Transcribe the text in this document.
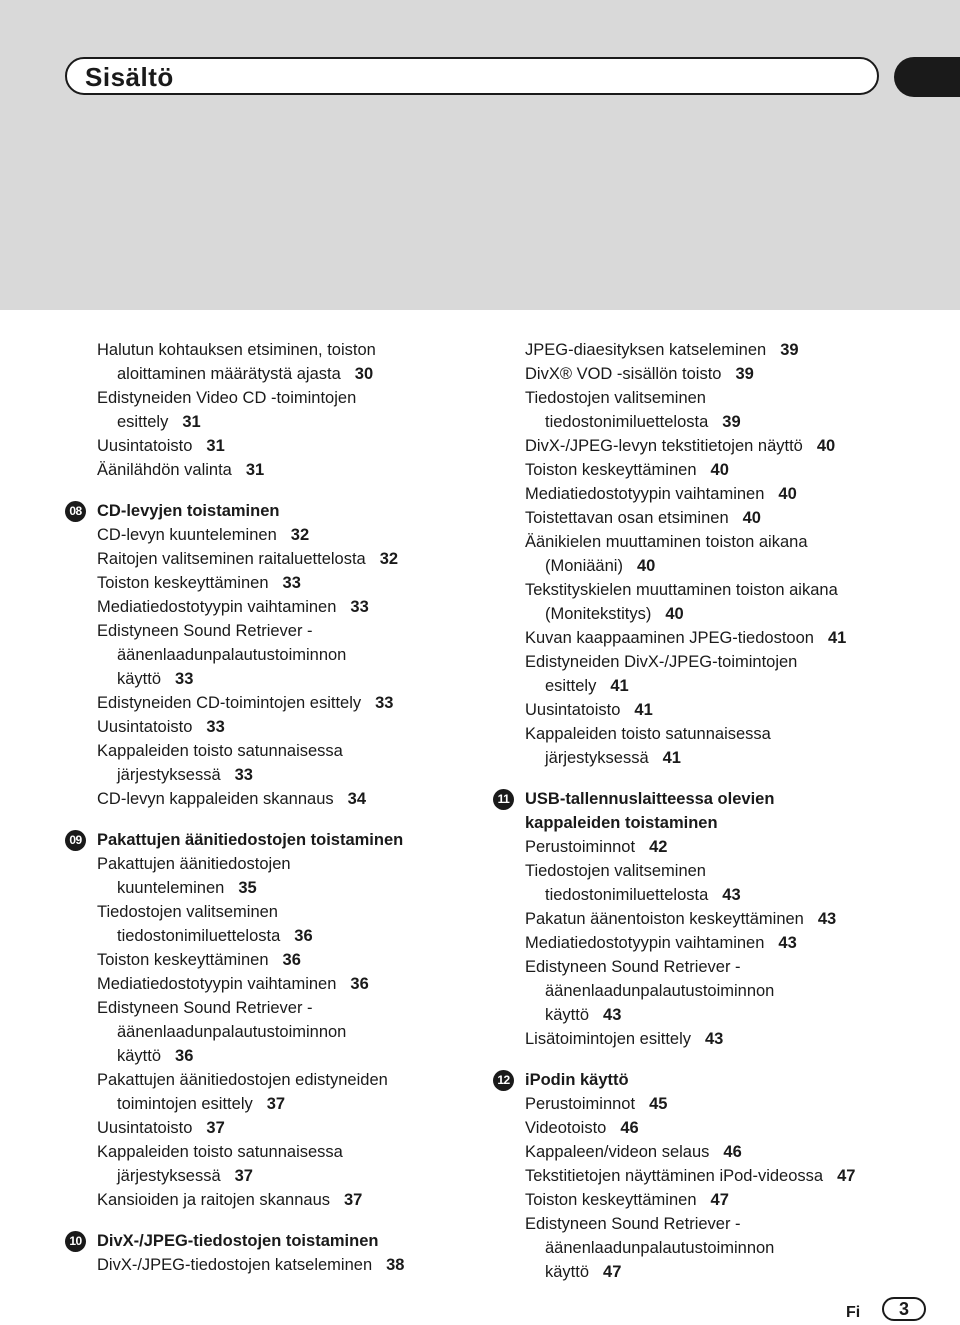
Sisältö
Halutun kohtauksen etsiminen, toiston
aloittaminen määrätystä ajasta 30
Edistyneiden Video CD -toimintojen
esittely 31
Uusintatoisto 31
Äänilähdön valinta 31
08 CD-levyjen toistaminen
CD-levyn kuunteleminen 32
Raitojen valitseminen raitaluettelosta 32
Toiston keskeyttäminen 33
Mediatiedostotyypin vaihtaminen 33
Edistyneen Sound Retriever -
äänenlaadunpalautustoiminnon
käyttö 33
Edistyneiden CD-toimintojen esittely 33
Uusintatoisto 33
Kappaleiden toisto satunnaisessa
järjestyksessä 33
CD-levyn kappaleiden skannaus 34
09 Pakattujen äänitiedostojen toistaminen
Pakattujen äänitiedostojen
kuunteleminen 35
Tiedostojen valitseminen
tiedostonimiluettelosta 36
Toiston keskeyttäminen 36
Mediatiedostotyypin vaihtaminen 36
Edistyneen Sound Retriever -
äänenlaadunpalautustoiminnon
käyttö 36
Pakattujen äänitiedostojen edistyneiden
toimintojen esittely 37
Uusintatoisto 37
Kappaleiden toisto satunnaisessa
järjestyksessä 37
Kansioiden ja raitojen skannaus 37
10 DivX-/JPEG-tiedostojen toistaminen
DivX-/JPEG-tiedostojen katseleminen 38
JPEG-diaesityksen katseleminen 39
DivX® VOD -sisällön toisto 39
Tiedostojen valitseminen
tiedostonimiluettelosta 39
DivX-/JPEG-levyn tekstitietojen näyttö 40
Toiston keskeyttäminen 40
Mediatiedostotyypin vaihtaminen 40
Toistettavan osan etsiminen 40
Äänikielen muuttaminen toiston aikana
(Moniääni) 40
Tekstityskielen muuttaminen toiston aikana
(Monitekstitys) 40
Kuvan kaappaaminen JPEG-tiedostoon 41
Edistyneiden DivX-/JPEG-toimintojen
esittely 41
Uusintatoisto 41
Kappaleiden toisto satunnaisessa
järjestyksessä 41
11 USB-tallennuslaitteessa olevien
kappaleiden toistaminen
Perustoiminnot 42
Tiedostojen valitseminen
tiedostonimiluettelosta 43
Pakatun äänentoiston keskeyttäminen 43
Mediatiedostotyypin vaihtaminen 43
Edistyneen Sound Retriever -
äänenlaadunpalautustoiminnon
käyttö 43
Lisätoimintojen esittely 43
12 iPodin käyttö
Perustoiminnot 45
Videotoisto 46
Kappaleen/videon selaus 46
Tekstitietojen näyttäminen iPod-videossa 47
Toiston keskeyttäminen 47
Edistyneen Sound Retriever -
äänenlaadunpalautustoiminnon
käyttö 47
Fi	3
